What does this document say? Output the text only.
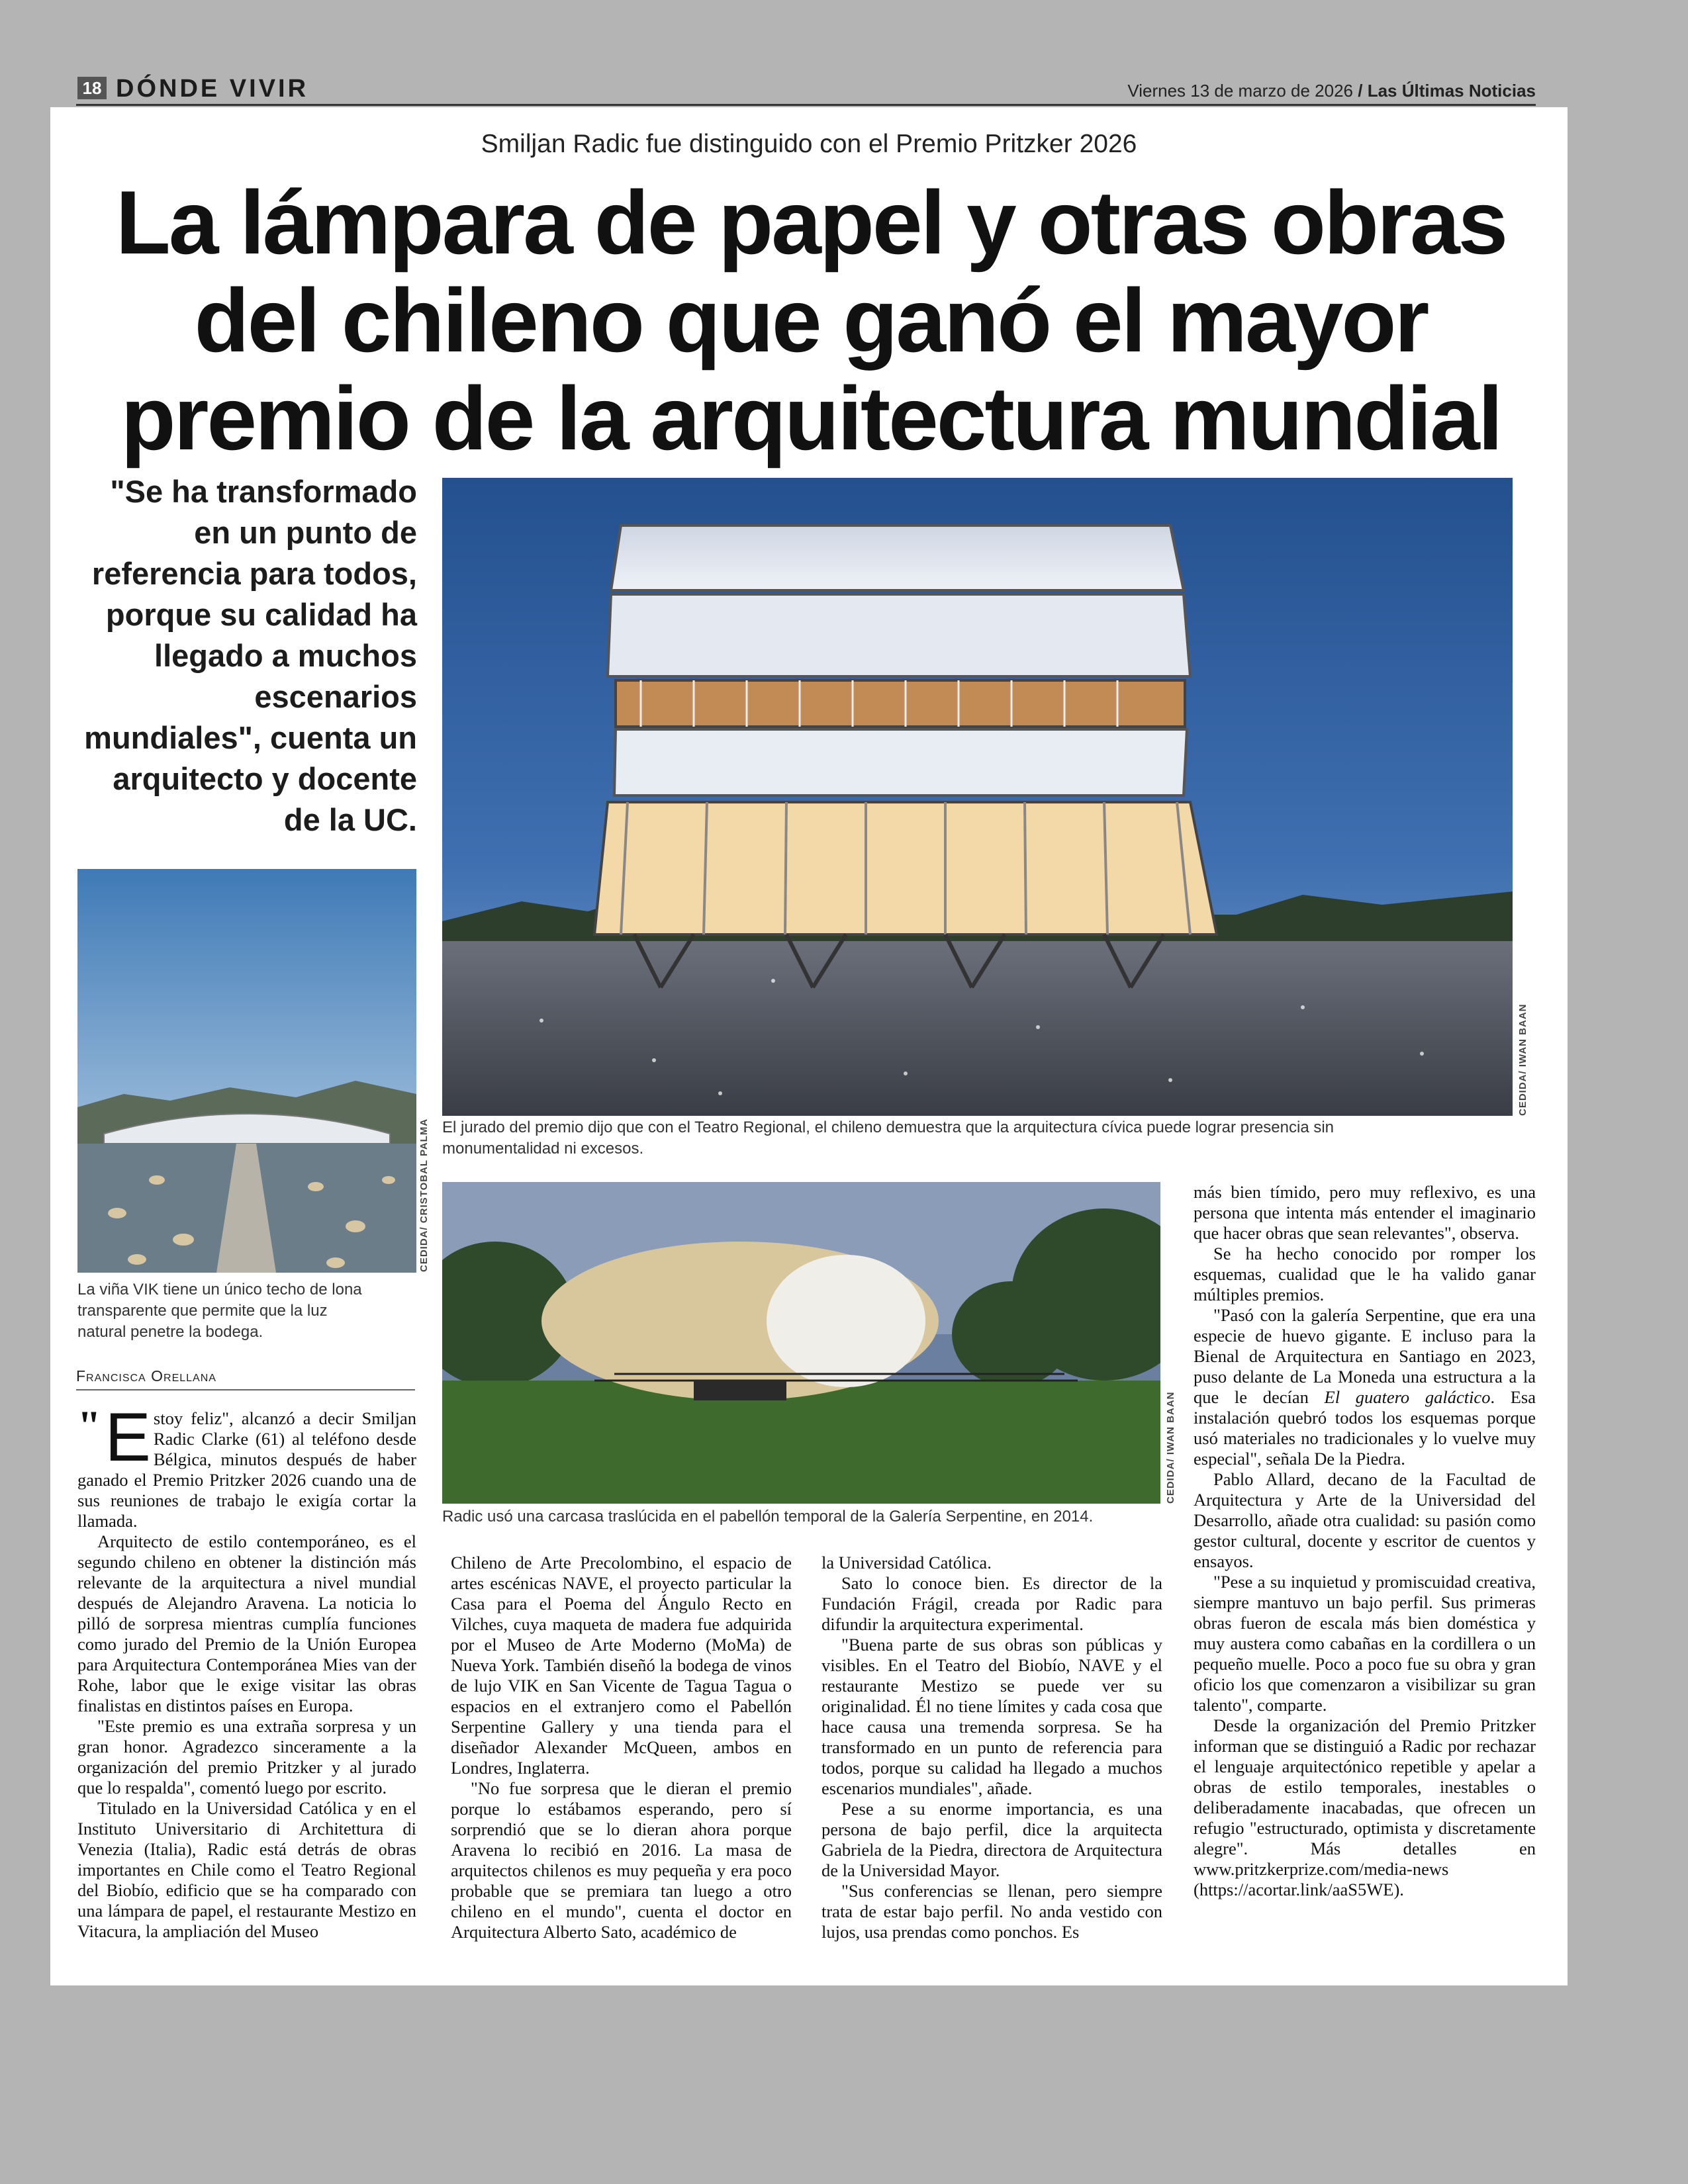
18 DÓNDE VIVIR	Viernes 13 de marzo de 2026 / Las Últimas Noticias
Smiljan Radic fue distinguido con el Premio Pritzker 2026
La lámpara de papel y otras obras del chileno que ganó el mayor premio de la arquitectura mundial
"Se ha transformado en un punto de referencia para todos, porque su calidad ha llegado a muchos escenarios mundiales", cuenta un arquitecto y docente de la UC.
CEDIDA/ IWAN BAAN
El jurado del premio dijo que con el Teatro Regional, el chileno demuestra que la arquitectura cívica puede lograr presencia sin monumentalidad ni excesos.
CEDIDA/ CRISTOBAL PALMA
La viña VIK tiene un único techo de lona transparente que permite que la luz natural penetre la bodega.
CEDIDA/ IWAN BAAN
Radic usó una carcasa traslúcida en el pabellón temporal de la Galería Serpentine, en 2014.
Francisca Orellana

" E stoy feliz", alcanzó a decir Smiljan Radic Clarke (61) al teléfono desde Bélgica, minutos después de haber ganado el Premio Pritzker 2026 cuando una de sus reuniones de trabajo le exigía cortar la llamada.

Arquitecto de estilo contemporáneo, es el segundo chileno en obtener la distinción más relevante de la arquitectura a nivel mundial después de Alejandro Aravena. La noticia lo pilló de sorpresa mientras cumplía funciones como jurado del Premio de la Unión Europea para Arquitectura Contemporánea Mies van der Rohe, labor que le exige visitar las obras finalistas en distintos países en Europa.

"Este premio es una extraña sorpresa y un gran honor. Agradezco sinceramente a la organización del premio Pritzker y al jurado que lo respalda", comentó luego por escrito.

Titulado en la Universidad Católica y en el Instituto Universitario di Architettura di Venezia (Italia), Radic está detrás de obras importantes en Chile como el Teatro Regional del Biobío, edificio que se ha comparado con una lámpara de papel, el restaurante Mestizo en Vitacura, la ampliación del Museo

Chileno de Arte Precolombino, el espacio de artes escénicas NAVE, el proyecto particular la Casa para el Poema del Ángulo Recto en Vilches, cuya maqueta de madera fue adquirida por el Museo de Arte Moderno (MoMa) de Nueva York. También diseñó la bodega de vinos de lujo VIK en San Vicente de Tagua Tagua o espacios en el extranjero como el Pabellón Serpentine Gallery y una tienda para el diseñador Alexander McQueen, ambos en Londres, Inglaterra.

"No fue sorpresa que le dieran el premio porque lo estábamos esperando, pero sí sorprendió que se lo dieran ahora porque Aravena lo recibió en 2016. La masa de arquitectos chilenos es muy pequeña y era poco probable que se premiara tan luego a otro chileno en el mundo", cuenta el doctor en Arquitectura Alberto Sato, académico de

la Universidad Católica.

Sato lo conoce bien. Es director de la Fundación Frágil, creada por Radic para difundir la arquitectura experimental.

"Buena parte de sus obras son públicas y visibles. En el Teatro del Biobío, NAVE y el restaurante Mestizo se puede ver su originalidad. Él no tiene límites y cada cosa que hace causa una tremenda sorpresa. Se ha transformado en un punto de referencia para todos, porque su calidad ha llegado a muchos escenarios mundiales", añade.

Pese a su enorme importancia, es una persona de bajo perfil, dice la arquitecta Gabriela de la Piedra, directora de Arquitectura de la Universidad Mayor.

"Sus conferencias se llenan, pero siempre trata de estar bajo perfil. No anda vestido con lujos, usa prendas como ponchos. Es

más bien tímido, pero muy reflexivo, es una persona que intenta más entender el imaginario que hacer obras que sean relevantes", observa.

Se ha hecho conocido por romper los esquemas, cualidad que le ha valido ganar múltiples premios.

"Pasó con la galería Serpentine, que era una especie de huevo gigante. E incluso para la Bienal de Arquitectura en Santiago en 2023, puso delante de La Moneda una estructura a la que le decían El guatero galáctico. Esa instalación quebró todos los esquemas porque usó materiales no tradicionales y lo vuelve muy especial", señala De la Piedra.

Pablo Allard, decano de la Facultad de Arquitectura y Arte de la Universidad del Desarrollo, añade otra cualidad: su pasión como gestor cultural, docente y escritor de cuentos y ensayos.

"Pese a su inquietud y promiscuidad creativa, siempre mantuvo un bajo perfil. Sus primeras obras fueron de escala más bien doméstica y muy austera como cabañas en la cordillera o un pequeño muelle. Poco a poco fue su obra y gran oficio los que comenzaron a visibilizar su gran talento", comparte.

Desde la organización del Premio Pritzker informan que se distinguió a Radic por rechazar el lenguaje arquitectónico repetible y apelar a obras de estilo temporales, inestables o deliberadamente inacabadas, que ofrecen un refugio "estructurado, optimista y discretamente alegre". Más detalles en www.pritzkerprize.com/media-news (https://acortar.link/aaS5WE).
